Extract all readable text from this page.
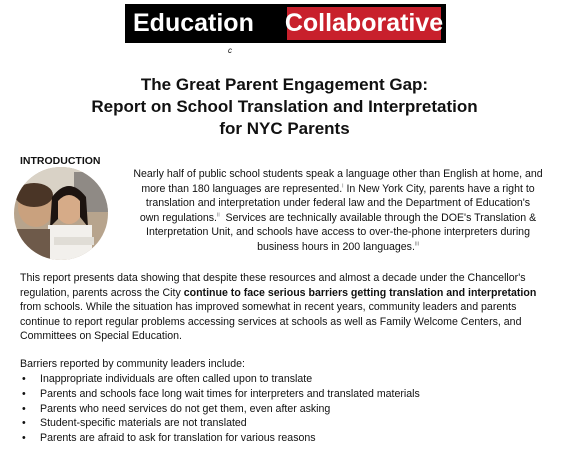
Education	Collaborative
c
The Great Parent Engagement Gap:
Report on School Translation and Interpretation
for NYC Parents
INTRODUCTION
Nearly half of public school students speak a language other than English at home, and
more than 180 languages are represented.$^i$ In New York City, parents have a right to
translation and interpretation under federal law and the Department of Education's
own regulations.$^{ii}$  Services are technically available through the DOE's Translation &
Interpretation Unit, and schools have access to over-the-phone interpreters during
business hours in 200 languages.$^{iii}$
This report presents data showing that despite these resources and almost a decade under the Chancellor's
regulation, parents across the City continue to face serious barriers getting translation and interpretation
from schools. While the situation has improved somewhat in recent years, community leaders and parents
continue to report regular problems accessing services at schools as well as Family Welcome Centers, and
Committees on Special Education.
Barriers reported by community leaders include:
• Inappropriate individuals are often called upon to translate
• Parents and schools face long wait times for interpreters and translated materials
• Parents who need services do not get them, even after asking
• Student-specific materials are not translated
• Parents are afraid to ask for translation for various reasons
